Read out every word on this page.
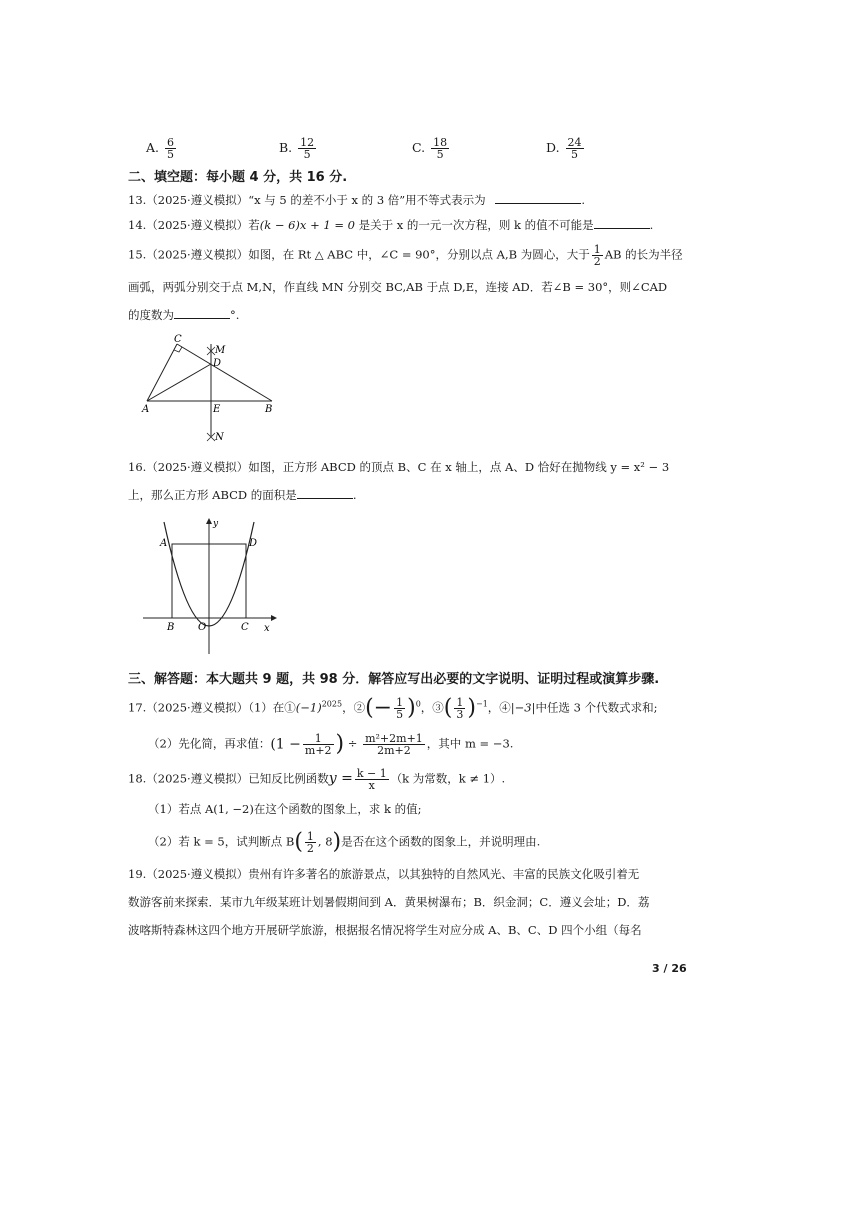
A. $\frac{6}{5}$	B. $\frac{12}{5}$	C. $\frac{18}{5}$	D. $\frac{24}{5}$
二、填空题：每小题 4 分，共 16 分.
13.（2025·遵义模拟）“x 与 5 的差不小于 x 的 3 倍”用不等式表示为	.
14.（2025·遵义模拟）若(k − 6)x + 1 = 0 是关于 x 的一元一次方程，则 k 的值不可能是	.
15.（2025·遵义模拟）如图，在 Rt △ ABC 中，∠C = 90°，分别以点 A,B 为圆心，大于 $\frac{1}{2}$ AB 的长为半径
画弧，两弧分别交于点 M,N，作直线 MN 分别交 BC,AB 于点 D,E，连接 AD．若∠B = 30°，则∠CAD
的度数为	°.
C
M
D
A	E	B
N
16.（2025·遵义模拟）如图，正方形 ABCD 的顶点 B、C 在 x 轴上，点 A、D 恰好在抛物线 y = x² − 3
上，那么正方形 ABCD 的面积是	.
y
A	D
B O	C x
三、解答题：本大题共 9 题，共 98 分．解答应写出必要的文字说明、证明过程或演算步骤.
17.（2025·遵义模拟）（1）在$①(-1)^{2025}$，②(− $\frac{1}{5} )^0$，③( $\frac{1}{3} )^{-1}$，④|−3|中任选 3 个代数式求和;
（2）先化简，再求值：($1 - \frac{1}{m+2}$ ) ÷ $\frac{\text{m²+2m+1}}{2m+2}$ ，其中 m = −3.
18.（2025·遵义模拟）已知反比例函数$y = \frac{k - 1}{x} (k$ 为常数，k ≠ 1）.
（1）若点 A(1, −2)在这个函数的图象上，求 k 的值;
（2）若 k = 5，试判断点 $B( \frac{1}{2}$ , 8)是否在这个函数的图象上，并说明理由.
19.（2025·遵义模拟）贵州有许多著名的旅游景点，以其独特的自然风光、丰富的民族文化吸引着无
数游客前来探索．某市九年级某班计划暑假期间到 A．黄果树瀑布；B．织金洞；C．遵义会址；D．荔
波喀斯特森林这四个地方开展研学旅游，根据报名情况将学生对应分成 A、B、C、D 四个小组（每名
3 / 26
